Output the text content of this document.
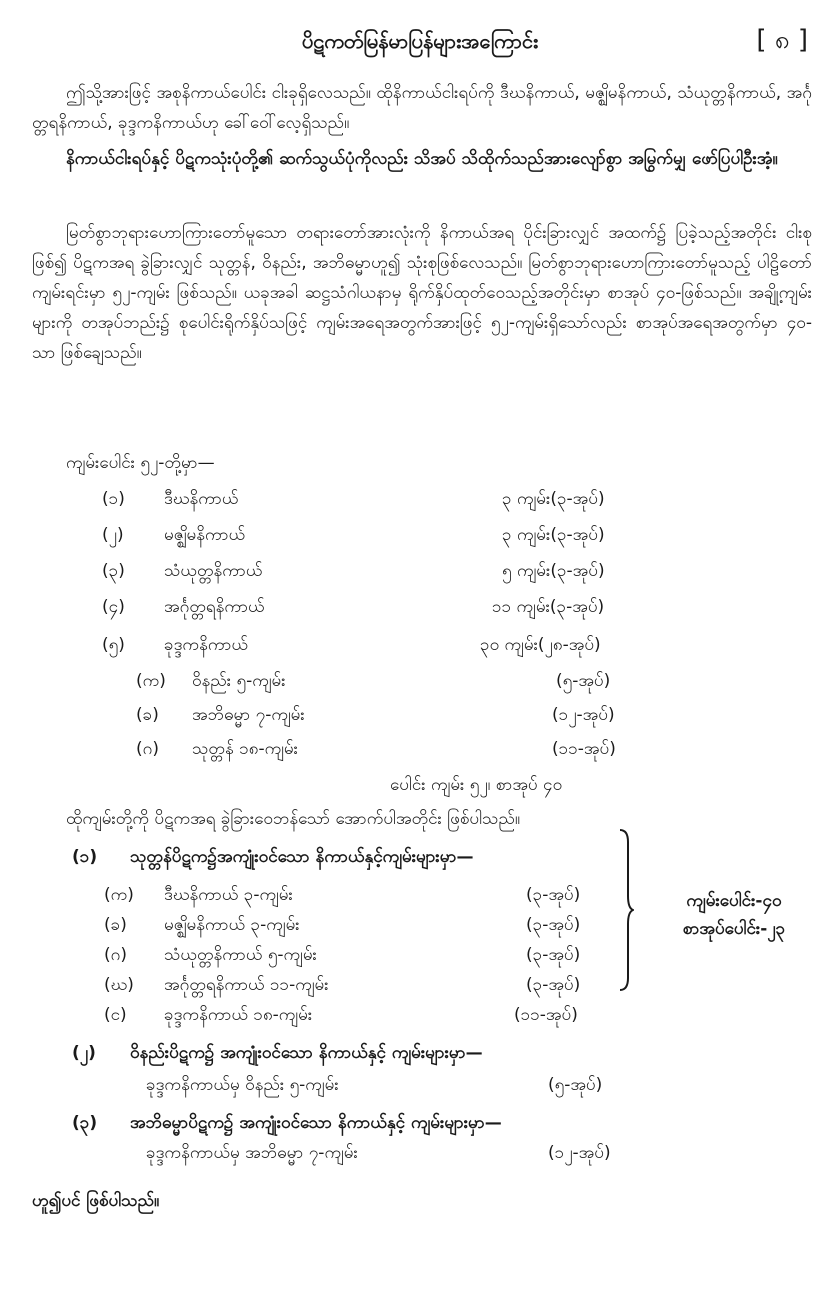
ပိဋကတ်မြန်မာပြန်များအကြောင်း	[ ၈ ]
ဤသို့အားဖြင့် အစုနိကာယ်ပေါင်း ငါးခုရှိလေသည်။ ထိုနိကာယ်ငါးရပ်ကို ဒီဃနိကာယ်, မဇ္ဈိမနိကာယ်, သံယုတ္တနိကာယ်, အင်္ဂုတ္တရနိကာယ်, ခုဒ္ဒကနိကာယ်ဟု ခေါ်ဝေါ်လေ့ရှိသည်။
နိကာယ်ငါးရပ်နှင့် ပိဋကသုံးပုံတို့၏ ဆက်သွယ်ပုံကိုလည်း သိအပ် သိထိုက်သည်အားလျော်စွာ အမြွက်မျှ ဖော်ပြပါဦးအံ့။
မြတ်စွာဘုရားဟောကြားတော်မူသော တရားတော်အားလုံးကို နိကာယ်အရ ပိုင်းခြားလျှင် အထက်၌ ပြခဲ့သည့်အတိုင်း ငါးစုဖြစ်၍ ပိဋကအရ ခွဲခြားလျှင် သုတ္တန်, ဝိနည်း, အဘိဓမ္မာဟူ၍ သုံးစုဖြစ်လေသည်။ မြတ်စွာဘုရားဟောကြားတော်မူသည့် ပါဠိတော်ကျမ်းရင်းမှာ ၅၂-ကျမ်း ဖြစ်သည်။ ယခုအခါ ဆဋ္ဌသံဂါယနာမှ ရိုက်နှိပ်ထုတ်ဝေသည့်အတိုင်းမှာ စာအုပ် ၄၀-ဖြစ်သည်။ အချို့ကျမ်းများကို တအုပ်ဘည်း၌ စုပေါင်းရိုက်နှိပ်သဖြင့် ကျမ်းအရေအတွက်အားဖြင့် ၅၂-ကျမ်းရှိသော်လည်း စာအုပ်အရေအတွက်မှာ ၄၀-သာ ဖြစ်ချေသည်။
ကျမ်းပေါင်း ၅၂-တို့မှာ—
(၁) ဒီဃနိကာယ်	၃ ကျမ်း(၃-အုပ်)
(၂) မဇ္ဈိမနိကာယ်	၃ ကျမ်း(၃-အုပ်)
(၃) သံယုတ္တနိကာယ်	၅ ကျမ်း(၃-အုပ်)
(၄) အင်္ဂုတ္တရနိကာယ်	၁၁ ကျမ်း(၃-အုပ်)
(၅) ခုဒ္ဒကနိကာယ်	၃၀ ကျမ်း(၂၈-အုပ်)
(က) ဝိနည်း ၅-ကျမ်း	(၅-အုပ်)
(ခ) အဘိဓမ္မာ ၇-ကျမ်း	(၁၂-အုပ်)
(ဂ) သုတ္တန် ၁၈-ကျမ်း	(၁၁-အုပ်)
ပေါင်း ကျမ်း ၅၂၊ စာအုပ် ၄၀
ထိုကျမ်းတို့ကို ပိဋကအရ ခွဲခြားဝေဘန်သော် အောက်ပါအတိုင်း ဖြစ်ပါသည်။
(၁) သုတ္တန်ပိဋက၌အကျုံးဝင်သော နိကာယ်နှင့်ကျမ်းများမှာ—
(က) ဒီဃနိကာယ် ၃-ကျမ်း	(၃-အုပ်)
(ခ) မဇ္ဈိမနိကာယ် ၃-ကျမ်း	(၃-အုပ်)
(ဂ) သံယုတ္တနိကာယ် ၅-ကျမ်း	(၃-အုပ်)
(ဃ) အင်္ဂုတ္တရနိကာယ် ၁၁-ကျမ်း	(၃-အုပ်)
(င) ခုဒ္ဒကနိကာယ် ၁၈-ကျမ်း	(၁၁-အုပ်)
ကျမ်းပေါင်း-၄၀
စာအုပ်ပေါင်း-၂၃
(၂) ဝိနည်းပိဋက၌ အကျုံးဝင်သော နိကာယ်နှင့် ကျမ်းများမှာ—
ခုဒ္ဒကနိကာယ်မှ ဝိနည်း ၅-ကျမ်း	(၅-အုပ်)
(၃) အဘိဓမ္မာပိဋက၌ အကျုံးဝင်သော နိကာယ်နှင့် ကျမ်းများမှာ—
ခုဒ္ဒကနိကာယ်မှ အဘိဓမ္မာ ၇-ကျမ်း	(၁၂-အုပ်)
ဟူ၍ပင် ဖြစ်ပါသည်။
